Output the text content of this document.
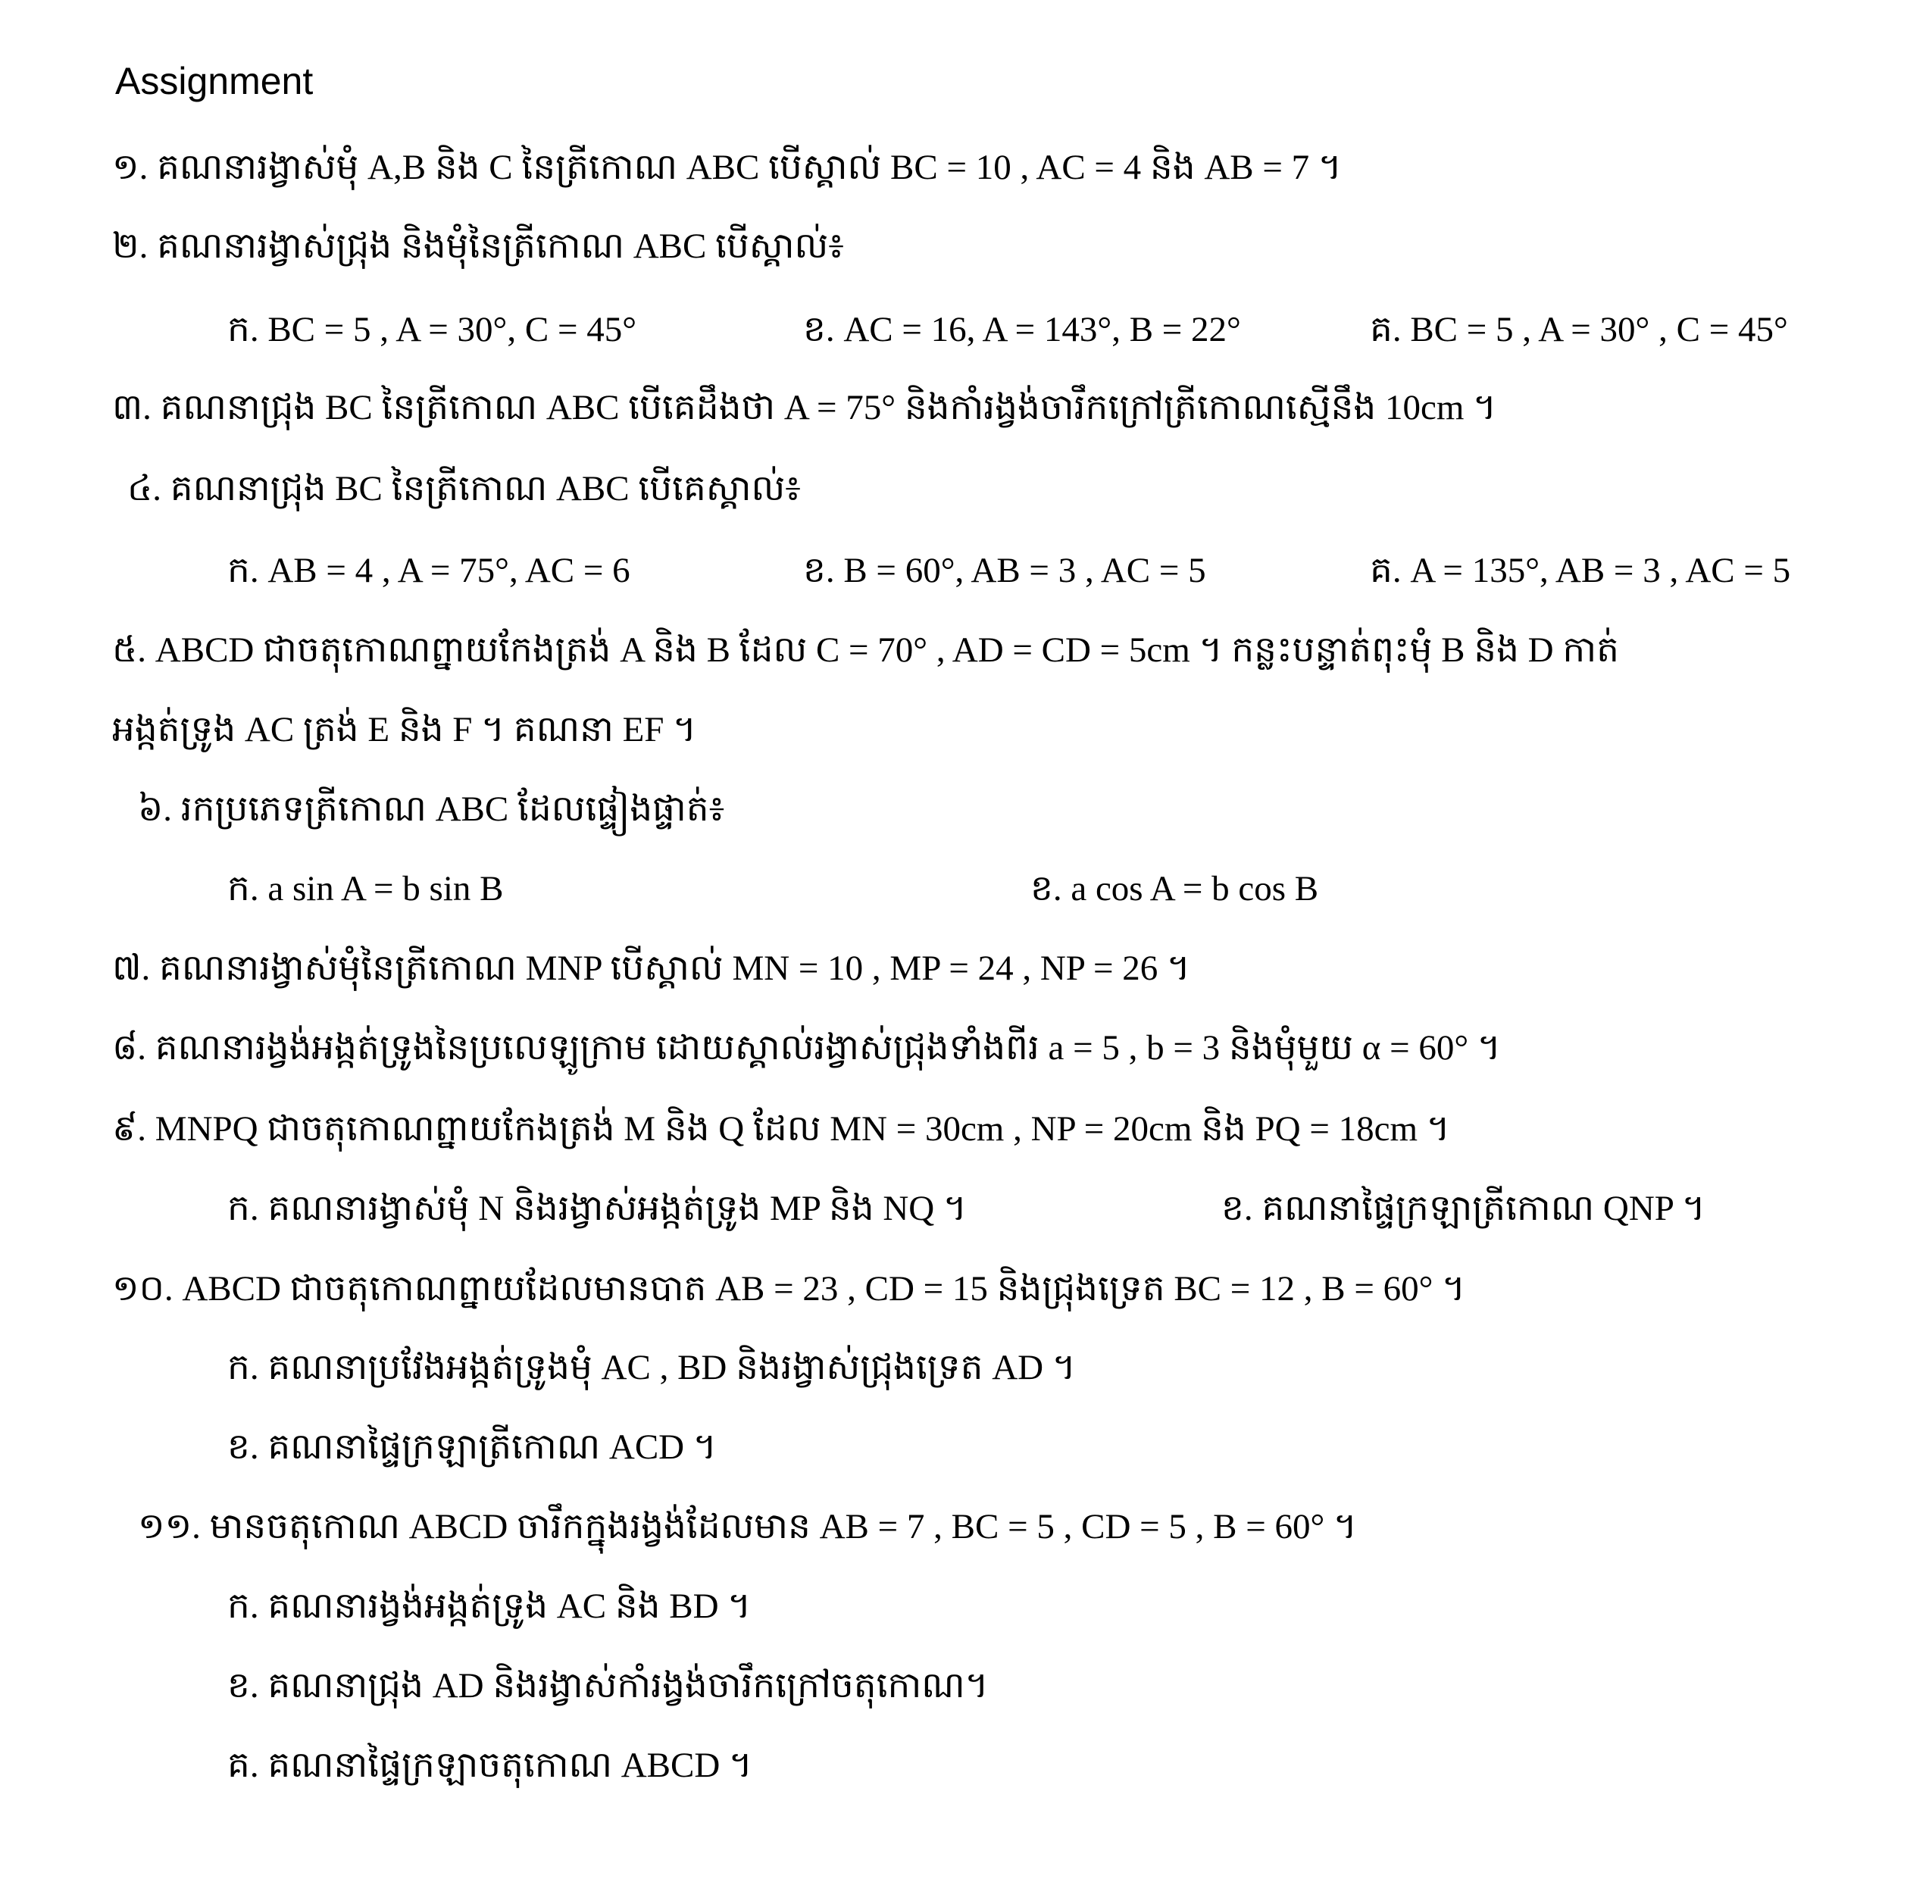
Assignment
១. គណនារង្វាស់មុំ A,B និង C នៃត្រីកោណ ABC បើស្គាល់ BC = 10 , AC = 4 និង AB = 7 ។
២. គណនារង្វាស់ជ្រុង និងមុំនៃត្រីកោណ ABC បើស្គាល់៖
ក. BC = 5 , A = 30°, C = 45°	ខ. AC = 16, A = 143°, B = 22°	គ. BC = 5 , A = 30° , C = 45°
៣. គណនាជ្រុង BC នៃត្រីកោណ ABC បើគេដឹងថា A = 75° និងកាំរង្វង់ចារឹកក្រៅត្រីកោណស្មើនឹង 10cm ។
៤. គណនាជ្រុង BC នៃត្រីកោណ ABC បើគេស្គាល់៖
ក. AB = 4 , A = 75°, AC = 6	ខ. B = 60°, AB = 3 , AC = 5	គ. A = 135°, AB = 3 , AC = 5
៥. ABCD ជាចតុកោណព្នាយកែងត្រង់ A និង B ដែល C = 70° , AD = CD = 5cm ។ កន្លះបន្ទាត់ពុះមុំ B និង D កាត់
អង្កត់ទ្រូង AC ត្រង់ E និង F ។ គណនា EF ។
៦. រកប្រភេទត្រីកោណ ABC ដែលផ្ទៀងផ្ទាត់៖
ក. a sin A = b sin B	ខ. a cos A = b cos B
៧. គណនារង្វាស់មុំនៃត្រីកោណ MNP បើស្គាល់ MN = 10 , MP = 24 , NP = 26 ។
៨. គណនារង្វង់អង្កត់ទ្រូងនៃប្រលេឡូក្រាម ដោយស្គាល់រង្វាស់ជ្រុងទាំងពីរ a = 5 , b = 3 និងមុំមួយ α = 60° ។
៩. MNPQ ជាចតុកោណព្នាយកែងត្រង់ M និង Q ដែល MN = 30cm , NP = 20cm និង PQ = 18cm ។
ក. គណនារង្វាស់មុំ N និងរង្វាស់អង្កត់ទ្រូង MP និង NQ ។	ខ. គណនាផ្ទៃក្រឡាត្រីកោណ QNP ។
១០. ABCD ជាចតុកោណព្នាយដែលមានបាត AB = 23 , CD = 15 និងជ្រុងទ្រេត BC = 12 , B = 60° ។
ក. គណនាប្រវែងអង្កត់ទ្រូងមុំ AC , BD និងរង្វាស់ជ្រុងទ្រេត AD ។
ខ. គណនាផ្ទៃក្រឡាត្រីកោណ ACD ។
១១. មានចតុកោណ ABCD ចារឹកក្នុងរង្វង់ដែលមាន AB = 7 , BC = 5 , CD = 5 , B = 60° ។
ក. គណនារង្វង់អង្កត់ទ្រូង AC និង BD ។
ខ. គណនាជ្រុង AD និងរង្វាស់កាំរង្វង់ចារឹកក្រៅចតុកោណ។
គ. គណនាផ្ទៃក្រឡាចតុកោណ ABCD ។
